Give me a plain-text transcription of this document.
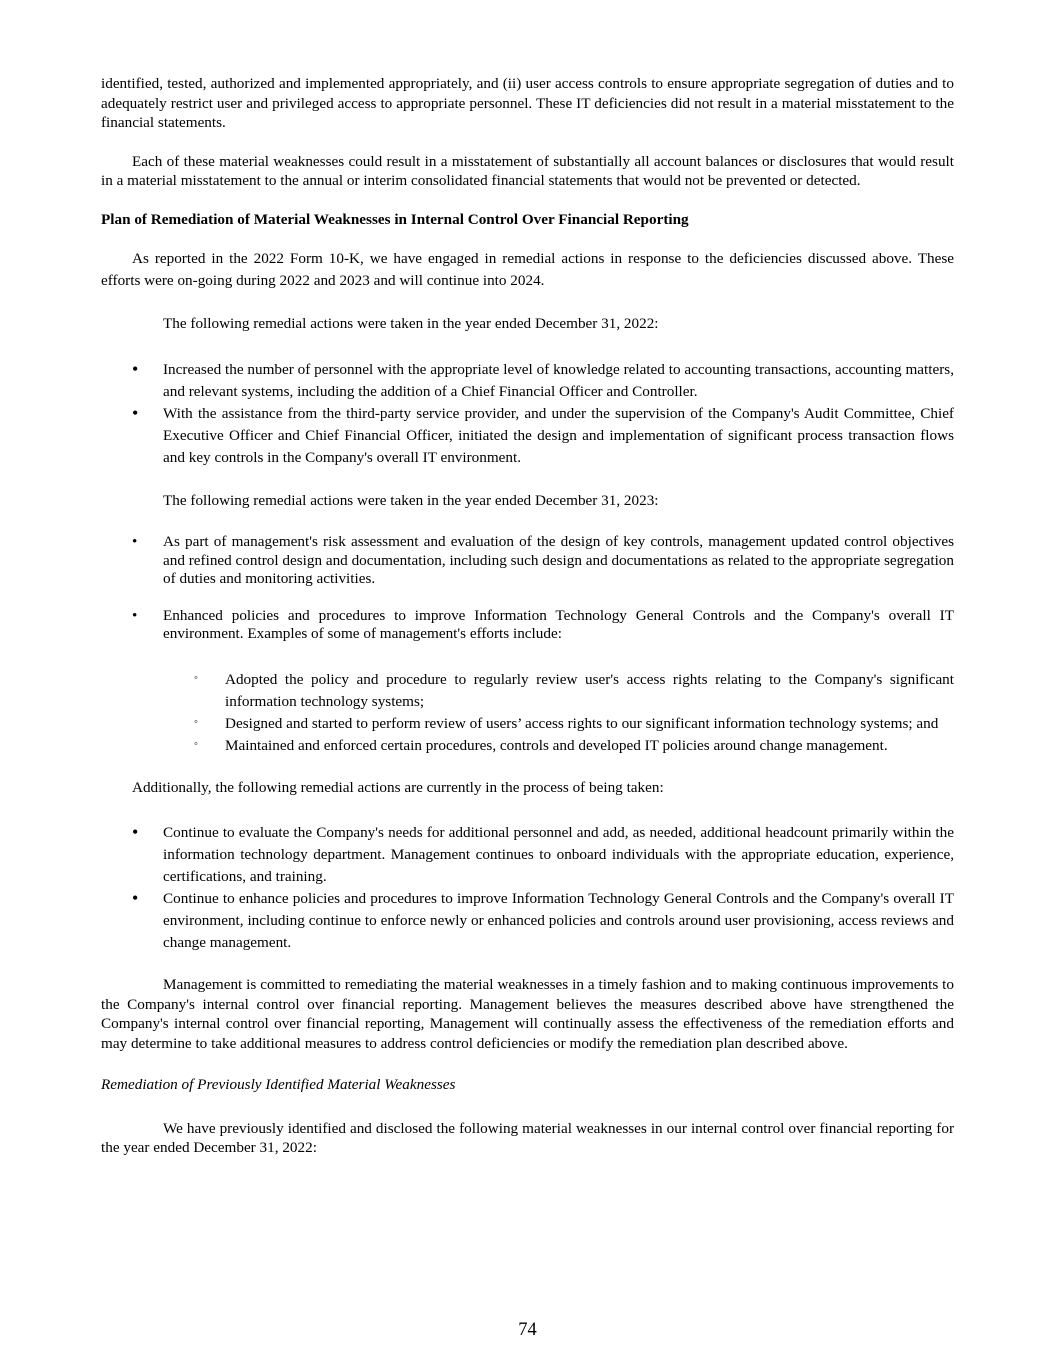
identified, tested, authorized and implemented appropriately, and (ii) user access controls to ensure appropriate segregation of duties and to adequately restrict user and privileged access to appropriate personnel. These IT deficiencies did not result in a material misstatement to the financial statements.

Each of these material weaknesses could result in a misstatement of substantially all account balances or disclosures that would result in a material misstatement to the annual or interim consolidated financial statements that would not be prevented or detected.

Plan of Remediation of Material Weaknesses in Internal Control Over Financial Reporting

As reported in the 2022 Form 10-K, we have engaged in remedial actions in response to the deficiencies discussed above. These efforts were on-going during 2022 and 2023 and will continue into 2024.

The following remedial actions were taken in the year ended December 31, 2022:

• Increased the number of personnel with the appropriate level of knowledge related to accounting transactions, accounting matters, and relevant systems, including the addition of a Chief Financial Officer and Controller.
• With the assistance from the third-party service provider, and under the supervision of the Company's Audit Committee, Chief Executive Officer and Chief Financial Officer, initiated the design and implementation of significant process transaction flows and key controls in the Company's overall IT environment.

The following remedial actions were taken in the year ended December 31, 2023:

• As part of management's risk assessment and evaluation of the design of key controls, management updated control objectives and refined control design and documentation, including such design and documentations as related to the appropriate segregation of duties and monitoring activities.
• Enhanced policies and procedures to improve Information Technology General Controls and the Company's overall IT environment. Examples of some of management's efforts include:
◦ Adopted the policy and procedure to regularly review user's access rights relating to the Company's significant information technology systems;
◦ Designed and started to perform review of users’ access rights to our significant information technology systems; and
◦ Maintained and enforced certain procedures, controls and developed IT policies around change management.

Additionally, the following remedial actions are currently in the process of being taken:

• Continue to evaluate the Company's needs for additional personnel and add, as needed, additional headcount primarily within the information technology department. Management continues to onboard individuals with the appropriate education, experience, certifications, and training.
• Continue to enhance policies and procedures to improve Information Technology General Controls and the Company's overall IT environment, including continue to enforce newly or enhanced policies and controls around user provisioning, access reviews and change management.

Management is committed to remediating the material weaknesses in a timely fashion and to making continuous improvements to the Company's internal control over financial reporting. Management believes the measures described above have strengthened the Company's internal control over financial reporting, Management will continually assess the effectiveness of the remediation efforts and may determine to take additional measures to address control deficiencies or modify the remediation plan described above.

Remediation of Previously Identified Material Weaknesses

We have previously identified and disclosed the following material weaknesses in our internal control over financial reporting for the year ended December 31, 2022:

74
